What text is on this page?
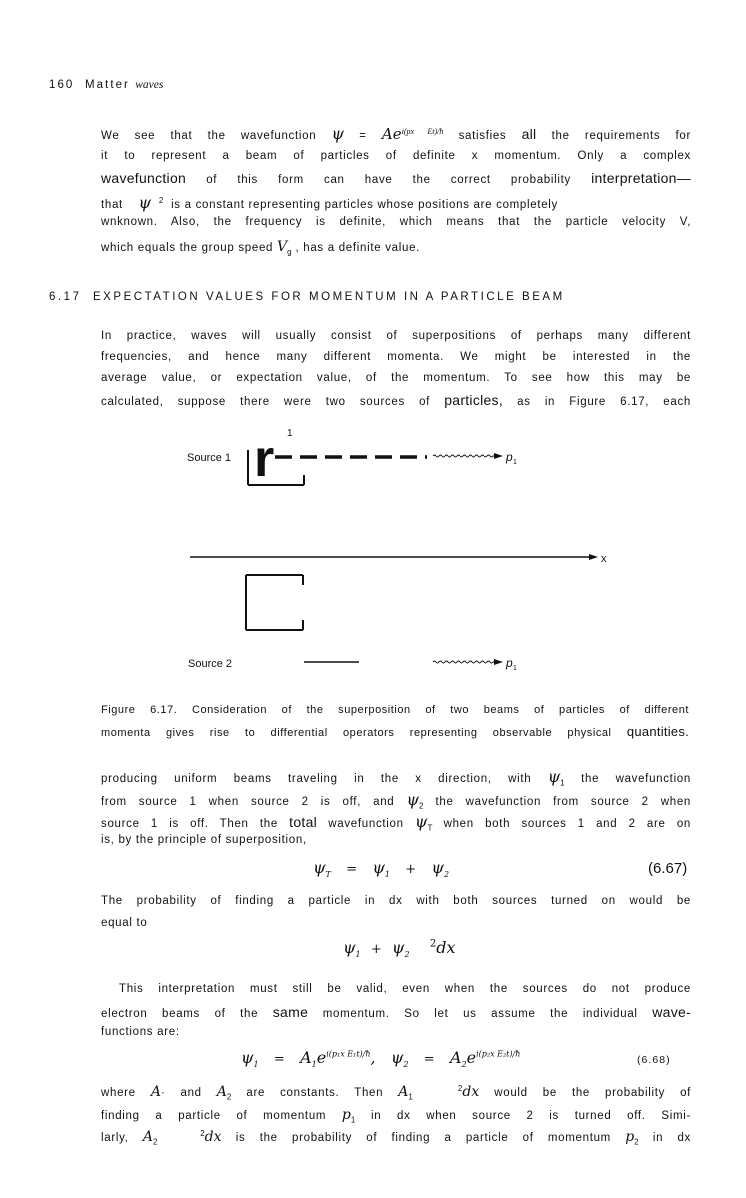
160 Matter waves
We see that the wavefunction $\psi = Ae^{i(px Et)/ħ}$ satisfies all the requirements for
it to represent a beam of particles of definite x momentum. Only a complex
wavefunction of this form can have the correct probability interpretation—
that ψ $^2$ is a constant representing particles whose positions are completely
wnknown. Also, the frequency is definite, which means that the particle velocity V,
which equals the group speed $V_g$ , has a definite value.
6.17 EXPECTATION VALUES FOR MOMENTUM IN A PARTICLE BEAM
In practice, waves will usually consist of superpositions of perhaps many different
frequencies, and hence many different momenta. We might be interested in the
average value, or expectation value, of the momentum. To see how this may be
calculated, suppose there were two sources of particles, as in Figure 6.17, each
r 1
Source 1	p 1
x
Source 2	p 1
Figure 6.17. Consideration of the superposition of two beams of particles of different
momenta gives rise to differential operators representing observable physical quantities.
producing uniform beams traveling in the x direction, with $\psi_1$ the wavefunction
from source 1 when source 2 is off, and $\psi_2$ the wavefunction from source 2 when
source 1 is off. Then the total wavefunction $\psi_T$ when both sources 1 and 2 are on
is, by the principle of superposition,
$\psi_T = \psi_1 + \psi_2$	(6.67)
The probability of finding a particle in dx with both sources turned on would be
equal to
$\psi_1 + \psi_2$    $^2$dx
This interpretation must still be valid, even when the sources do not produce
electron beams of the same momentum. So let us assume the individual wave-
functions are:
$\psi_1 = A_1e^{i(p_1x E_1t)/ħ}$, $\psi_2 = A_2e^{i(p_2x E_2t)/ħ}$	(6.68)
where A· and $A_2$ are constants. Then $A_1$   $^2$dx would be the probability of
finding a particle of momentum $p_1$ in dx when source 2 is turned off. Simi-
larly, $A_2$   $^2$dx is the probability of finding a particle of momentum $p_2$ in dx
